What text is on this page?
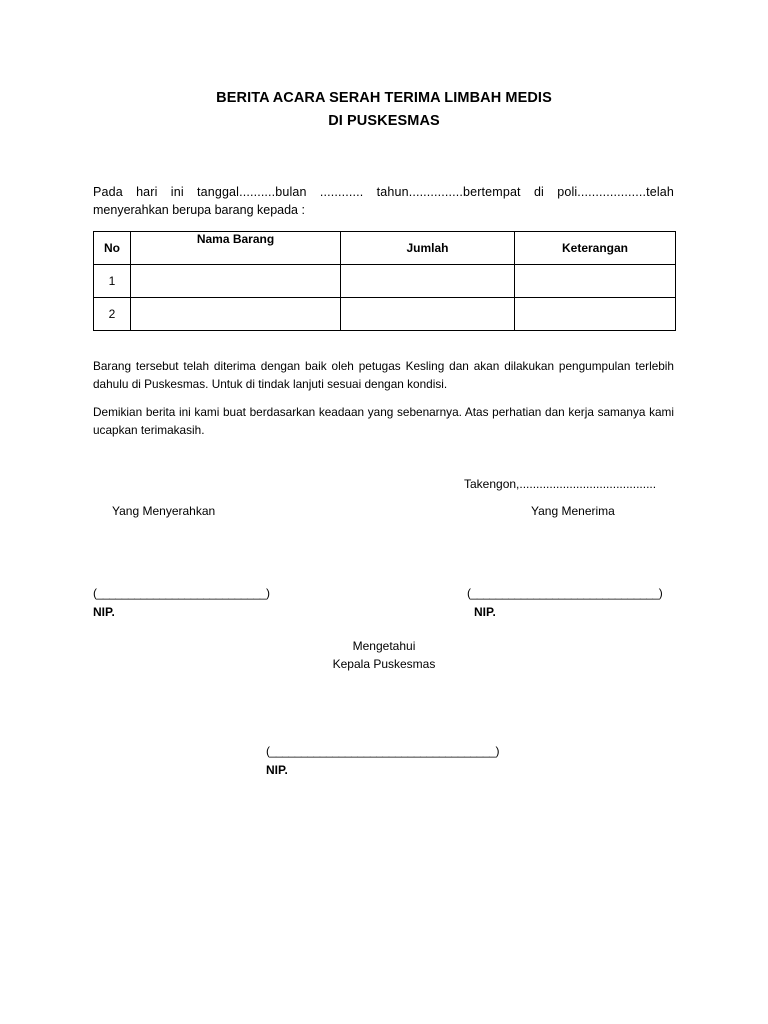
BERITA ACARA SERAH TERIMA LIMBAH MEDIS
DI PUSKESMAS
Pada hari ini tanggal..........bulan ............ tahun...............bertempat di poli...................telah
menyerahkan berupa barang kepada :
No	Nama Barang	Jumlah	Keterangan
1			
2			
Barang tersebut telah diterima dengan baik oleh petugas Kesling dan akan dilakukan pengumpulan terlebih dahulu di Puskesmas. Untuk di tindak lanjuti sesuai dengan kondisi.
Demikian berita ini kami buat berdasarkan keadaan yang sebenarnya. Atas perhatian dan kerja samanya kami ucapkan terimakasih.
Takengon,.........................................
Yang Menyerahkan	Yang Menerima
(___________________________)
NIP.
(______________________________)
NIP.
Mengetahui
Kepala Puskesmas
(____________________________________)
NIP.
